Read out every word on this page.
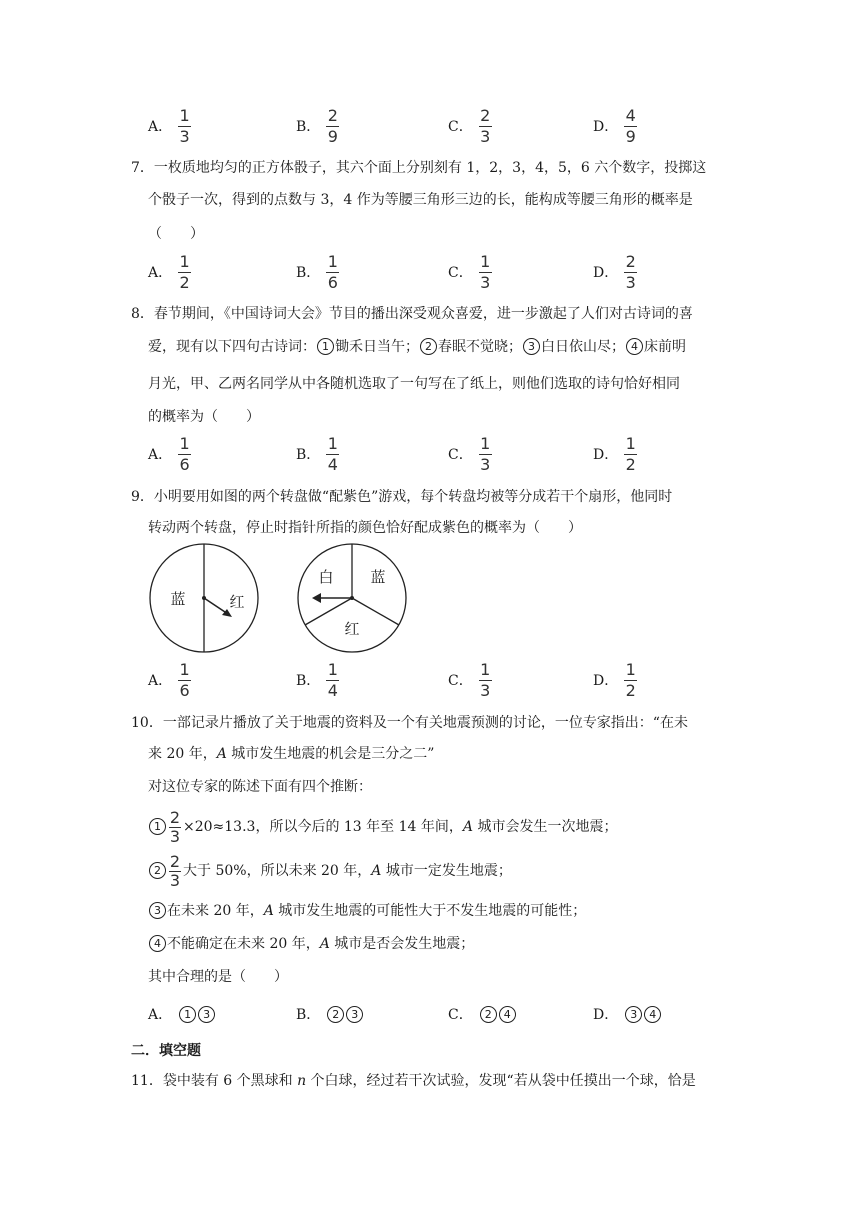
A． $\frac{1}{3}$	B． $\frac{2}{9}$	C． $\frac{2}{3}$	D． $\frac{4}{9}$
7．一枚质地均匀的正方体骰子，其六个面上分别刻有 1，2，3，4，5，6 六个数字，投掷这
个骰子一次，得到的点数与 3，4 作为等腰三角形三边的长，能构成等腰三角形的概率是
（　　）
A． $\frac{1}{2}$	B． $\frac{1}{6}$	C． $\frac{1}{3}$	D． $\frac{2}{3}$
8．春节期间，《中国诗词大会》节目的播出深受观众喜爱，进一步激起了人们对古诗词的喜
爱，现有以下四句古诗词： 1 锄禾日当午； 2 春眠不觉晓； 3 白日依山尽； 4 床前明
月光，甲、乙两名同学从中各随机选取了一句写在了纸上，则他们选取的诗句恰好相同
的概率为（　　）
A． $\frac{1}{6}$	B． $\frac{1}{4}$	C． $\frac{1}{3}$	D． $\frac{1}{2}$
9．小明要用如图的两个转盘做“配紫色”游戏，每个转盘均被等分成若干个扇形，他同时
转动两个转盘，停止时指针所指的颜色恰好配成紫色的概率为（　　）
蓝	红
白 蓝
红
A． $\frac{1}{6}$	B． $\frac{1}{4}$	C． $\frac{1}{3}$	D． $\frac{1}{2}$
10．一部记录片播放了关于地震的资料及一个有关地震预测的讨论，一位专家指出：“在未
来 20 年，A 城市发生地震的机会是三分之二”
对这位专家的陈述下面有四个推断：
$1 \frac{2}{3} \times 20\approx 13.3$，所以今后的 13 年至 14 年间，A 城市会发生一次地震；
$2 \frac{2}{3}$ 大于 50%，所以未来 20 年，A 城市一定发生地震；
3 在未来 20 年，A 城市发生地震的可能性大于不发生地震的可能性；
4 不能确定在未来 20 年，A 城市是否会发生地震；
其中合理的是（　　）
A．	1	3	B．	2	3	C．	2	4	D．	3	4
二．填空题
11．袋中装有 6 个黑球和 n 个白球，经过若干次试验，发现“若从袋中任摸出一个球，恰是
